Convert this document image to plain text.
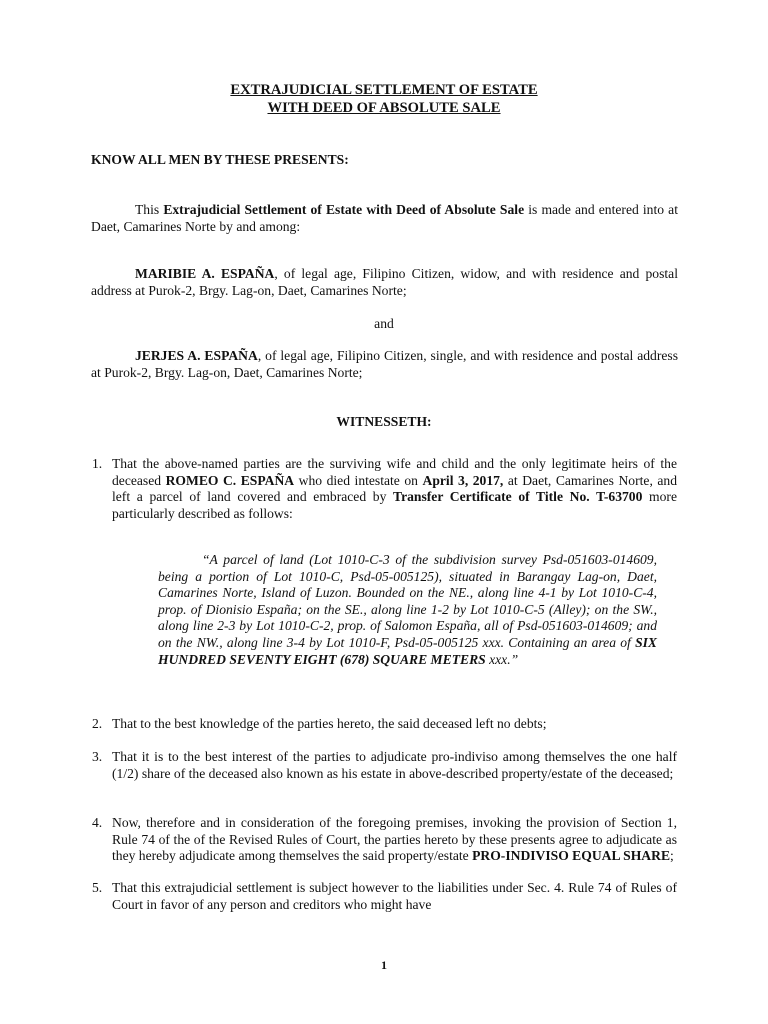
EXTRAJUDICIAL SETTLEMENT OF ESTATE
WITH DEED OF ABSOLUTE SALE
KNOW ALL MEN BY THESE PRESENTS:
This Extrajudicial Settlement of Estate with Deed of Absolute Sale is made and entered into at Daet, Camarines Norte by and among:
MARIBIE A. ESPAÑA, of legal age, Filipino Citizen, widow, and with residence and postal address at Purok-2, Brgy. Lag-on, Daet, Camarines Norte;
and
JERJES A. ESPAÑA, of legal age, Filipino Citizen, single, and with residence and postal address at Purok-2, Brgy. Lag-on, Daet, Camarines Norte;
WITNESSETH:
1. That the above-named parties are the surviving wife and child and the only legitimate heirs of the deceased ROMEO C. ESPAÑA who died intestate on April 3, 2017, at Daet, Camarines Norte, and left a parcel of land covered and embraced by Transfer Certificate of Title No. T-63700 more particularly described as follows:
“A parcel of land (Lot 1010-C-3 of the subdivision survey Psd-051603-014609, being a portion of Lot 1010-C, Psd-05-005125), situated in Barangay Lag-on, Daet, Camarines Norte, Island of Luzon. Bounded on the NE., along line 4-1 by Lot 1010-C-4, prop. of Dionisio España; on the SE., along line 1-2 by Lot 1010-C-5 (Alley); on the SW., along line 2-3 by Lot 1010-C-2, prop. of Salomon España, all of Psd-051603-014609; and on the NW., along line 3-4 by Lot 1010-F, Psd-05-005125 xxx. Containing an area of SIX HUNDRED SEVENTY EIGHT (678) SQUARE METERS xxx.”
2. That to the best knowledge of the parties hereto, the said deceased left no debts;
3. That it is to the best interest of the parties to adjudicate pro-indiviso among themselves the one half (1/2) share of the deceased also known as his estate in above-described property/estate of the deceased;
4. Now, therefore and in consideration of the foregoing premises, invoking the provision of Section 1, Rule 74 of the of the Revised Rules of Court, the parties hereto by these presents agree to adjudicate as they hereby adjudicate among themselves the said property/estate PRO-INDIVISO EQUAL SHARE;
5. That this extrajudicial settlement is subject however to the liabilities under Sec. 4. Rule 74 of Rules of Court in favor of any person and creditors who might have
1
